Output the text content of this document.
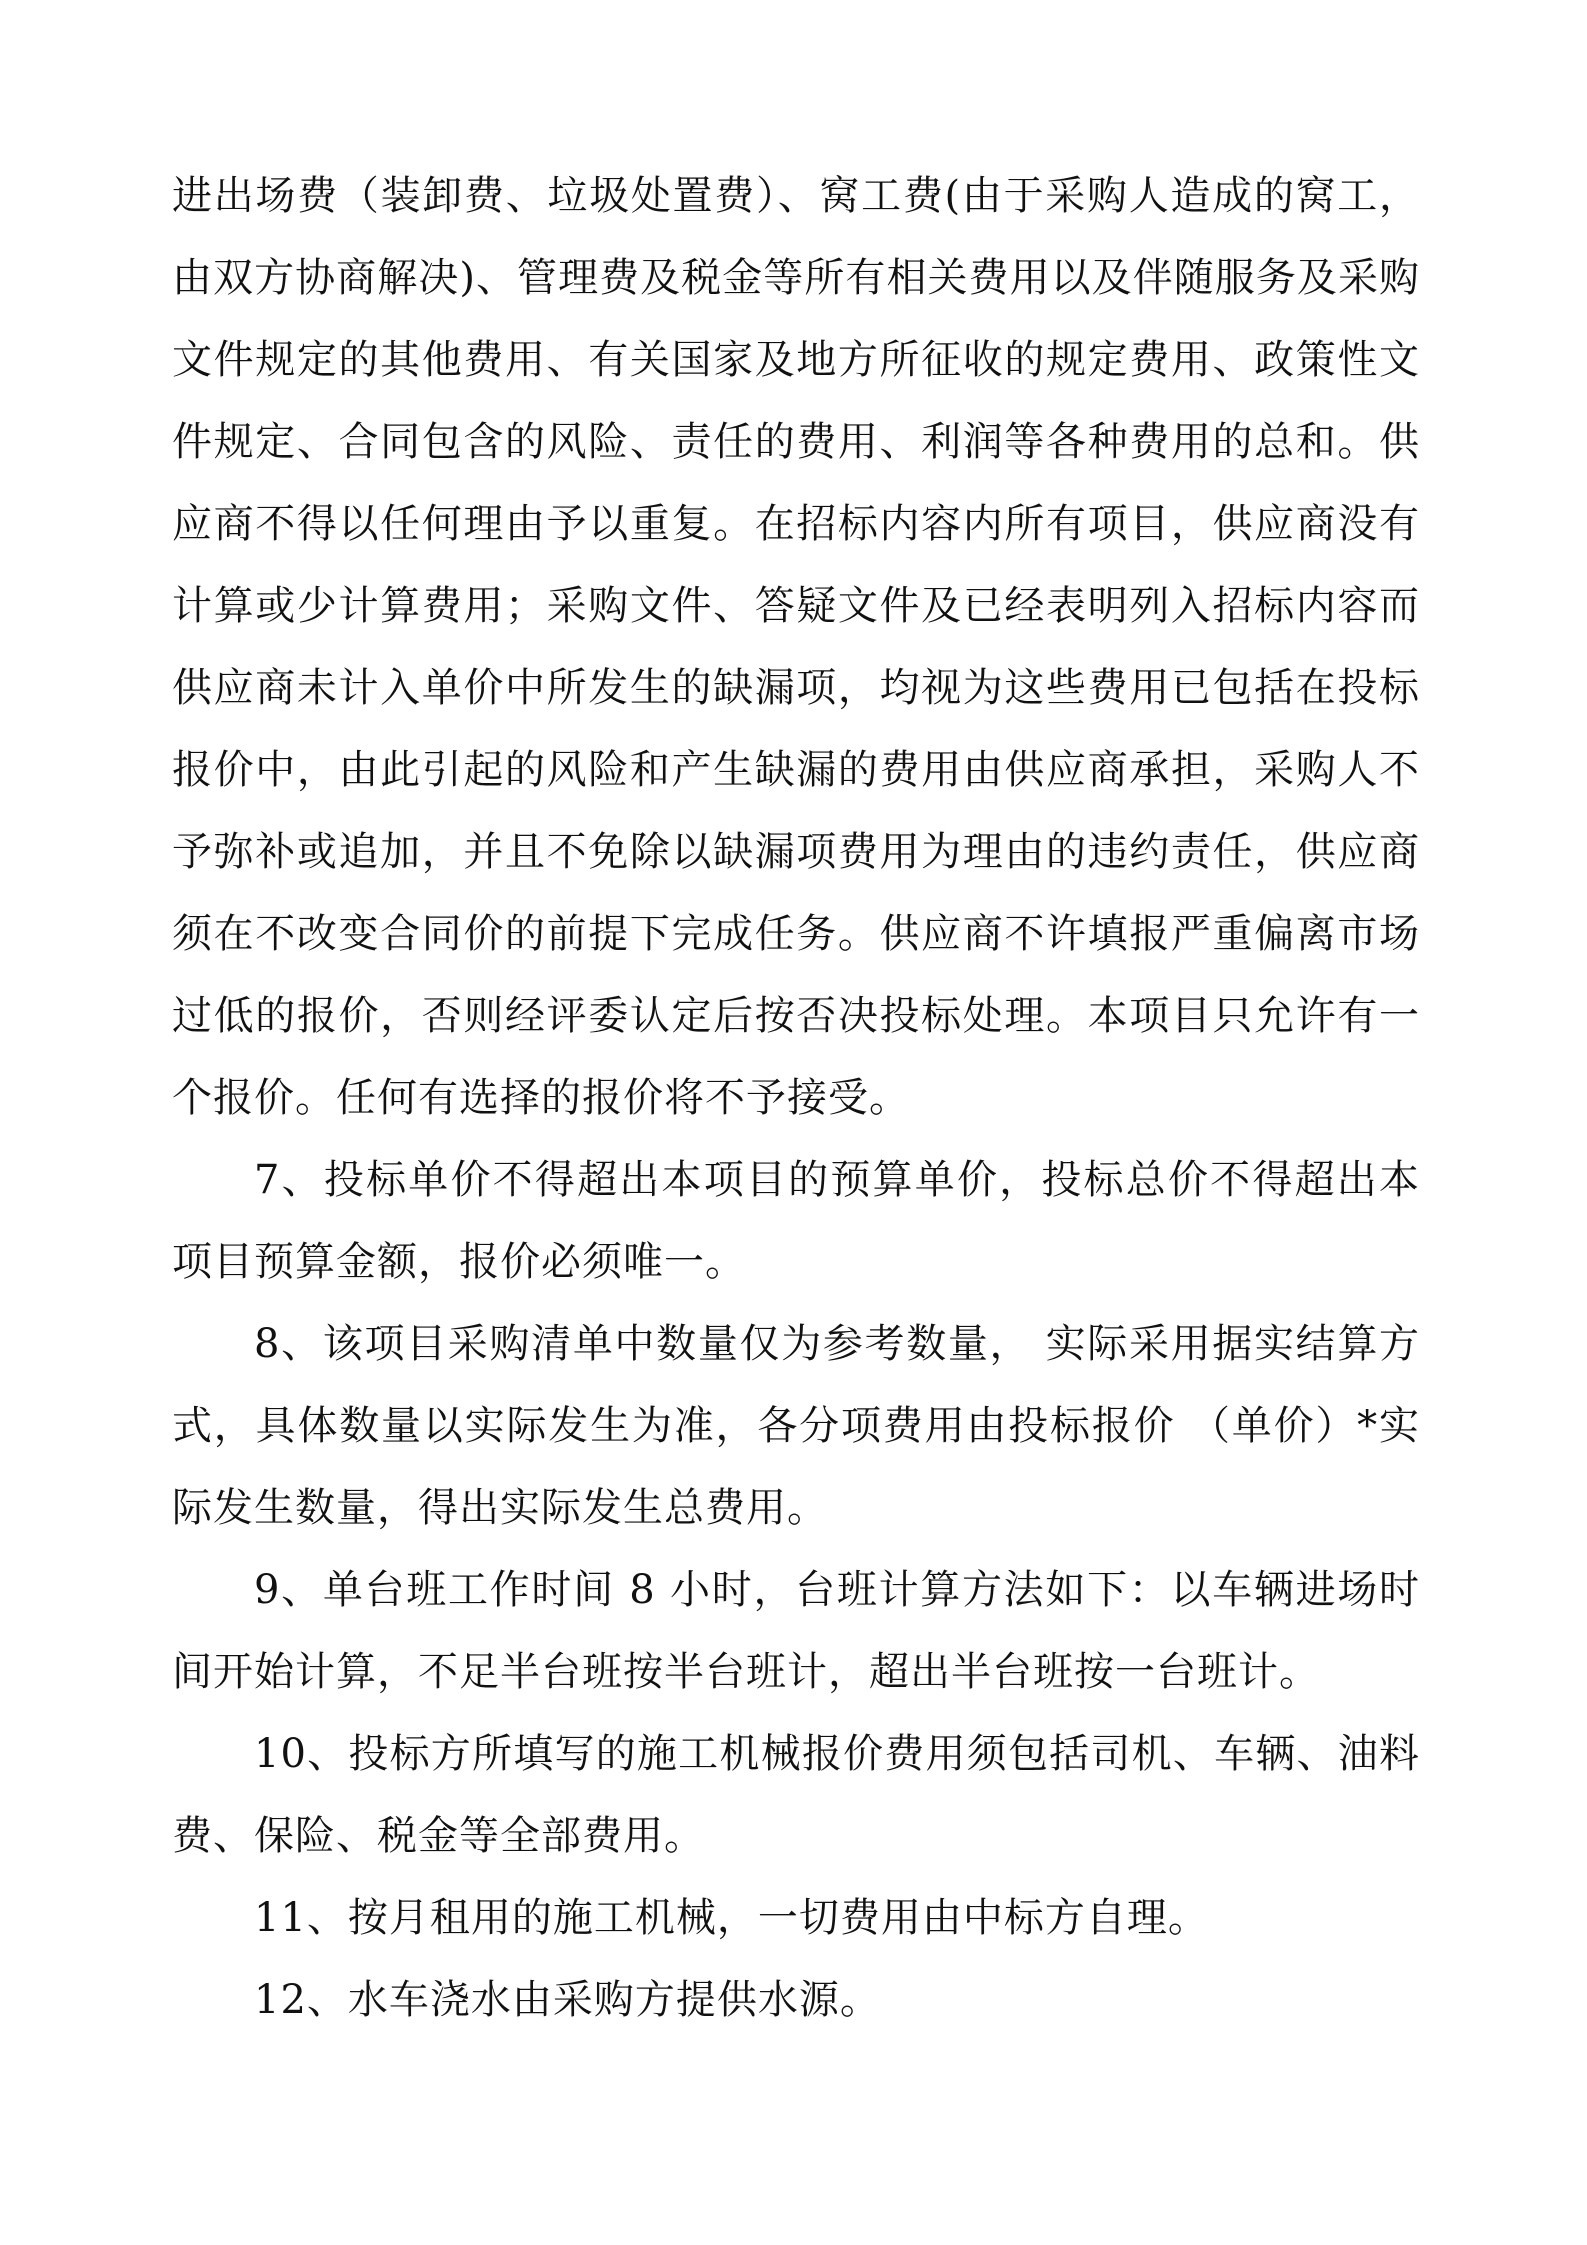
进出场费（装卸费、垃圾处置费）、窝工费(由于采购人造成的窝工，由双方协商解决)、管理费及税金等所有相关费用以及伴随服务及采购文件规定的其他费用、有关国家及地方所征收的规定费用、政策性文件规定、合同包含的风险、责任的费用、利润等各种费用的总和。供应商不得以任何理由予以重复。在招标内容内所有项目，供应商没有计算或少计算费用；采购文件、答疑文件及已经表明列入招标内容而供应商未计入单价中所发生的缺漏项，均视为这些费用已包括在投标报价中，由此引起的风险和产生缺漏的费用由供应商承担，采购人不予弥补或追加，并且不免除以缺漏项费用为理由的违约责任，供应商须在不改变合同价的前提下完成任务。供应商不许填报严重偏离市场过低的报价，否则经评委认定后按否决投标处理。本项目只允许有一个报价。任何有选择的报价将不予接受。

7、投标单价不得超出本项目的预算单价，投标总价不得超出本项目预算金额，报价必须唯一。

8、该项目采购清单中数量仅为参考数量， 实际采用据实结算方式，具体数量以实际发生为准，各分项费用由投标报价 （单价）*实际发生数量，得出实际发生总费用。

9、单台班工作时间 8 小时，台班计算方法如下：以车辆进场时间开始计算，不足半台班按半台班计，超出半台班按一台班计。

10、投标方所填写的施工机械报价费用须包括司机、车辆、油料费、保险、税金等全部费用。

11、按月租用的施工机械，一切费用由中标方自理。

12、水车浇水由采购方提供水源。
